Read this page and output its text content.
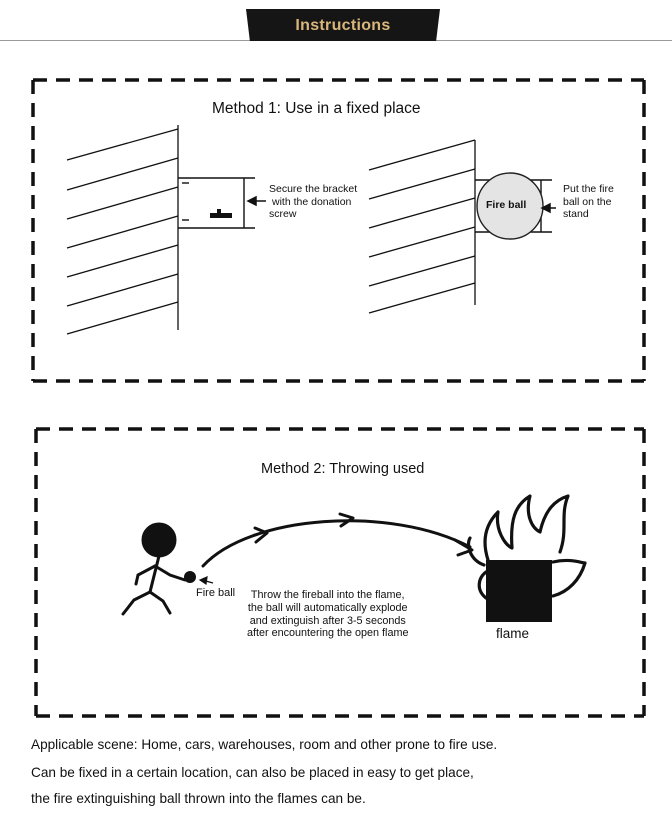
Instructions
Method 1: Use in a fixed place
Secure the bracket
with the donation
screw
Fire ball
Put the fire
ball on the
stand
Method 2: Throwing used
Fire ball	Throw the fireball into the flame,
the ball will automatically explode
and extinguish after 3-5 seconds
after encountering the open flame	flame
Applicable scene: Home, cars, warehouses, room and other prone to fire use.
Can be fixed in a certain location, can also be placed in easy to get place,
the fire extinguishing ball thrown into the flames can be.
